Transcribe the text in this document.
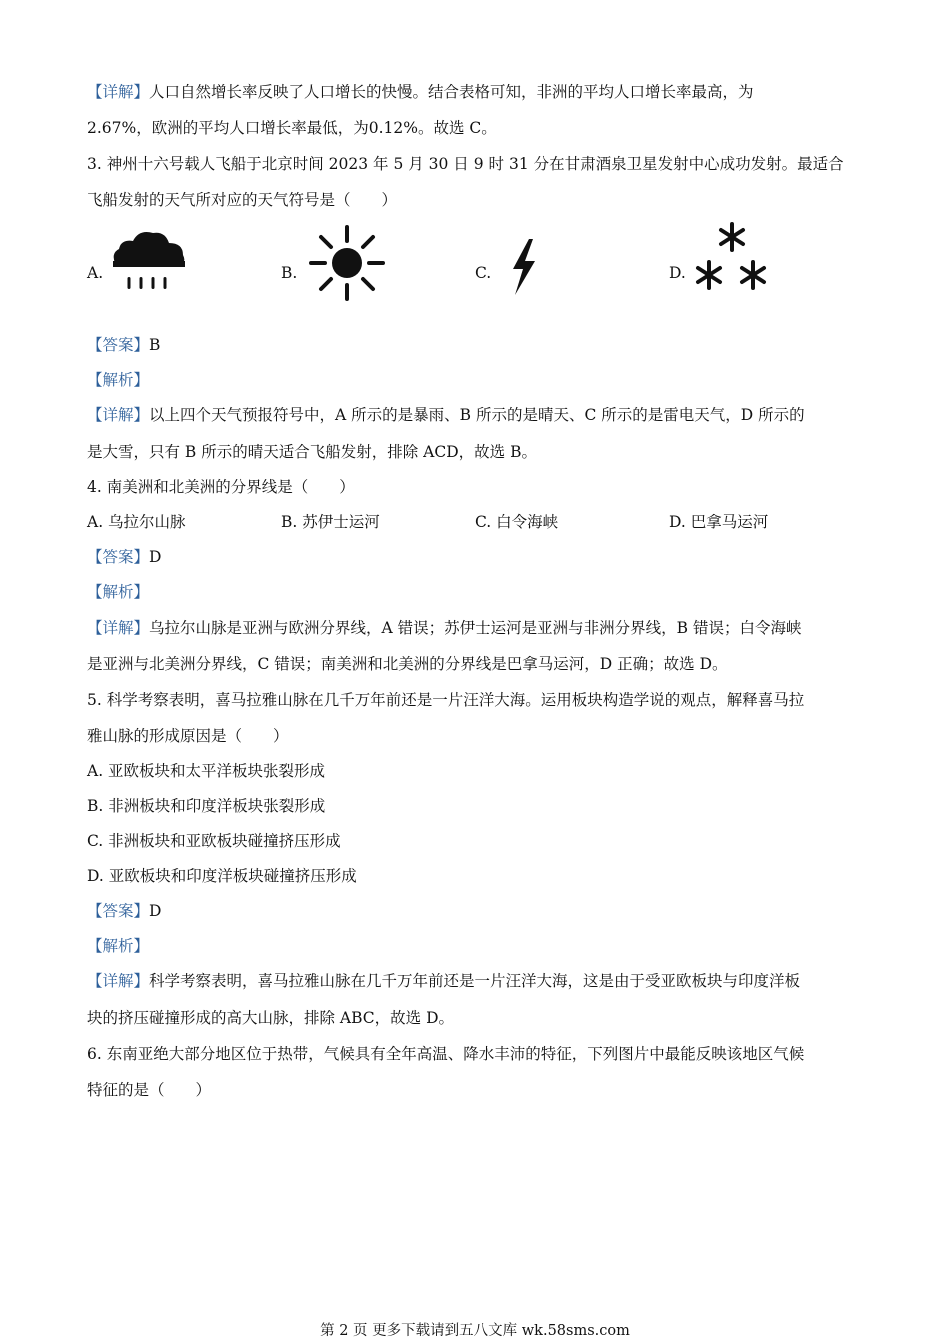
【详解】人口自然增长率反映了人口增长的快慢。结合表格可知，非洲的平均人口增长率最高，为
2.67%，欧洲的平均人口增长率最低，为0.12%。故选 C。
3. 神州十六号载人飞船于北京时间 2023 年 5 月 30 日 9 时 31 分在甘肃酒泉卫星发射中心成功发射。最适合
飞船发射的天气所对应的天气符号是（　　）
A.	B.	C.	D.
【答案】B
【解析】
【详解】以上四个天气预报符号中，A 所示的是暴雨、B 所示的是晴天、C 所示的是雷电天气，D 所示的
是大雪，只有 B 所示的晴天适合飞船发射，排除 ACD，故选 B。
4. 南美洲和北美洲的分界线是（　　）
A. 乌拉尔山脉	B. 苏伊士运河	C. 白令海峡	D. 巴拿马运河
【答案】D
【解析】
【详解】乌拉尔山脉是亚洲与欧洲分界线，A 错误；苏伊士运河是亚洲与非洲分界线，B 错误；白令海峡
是亚洲与北美洲分界线，C 错误；南美洲和北美洲的分界线是巴拿马运河，D 正确；故选 D。
5. 科学考察表明，喜马拉雅山脉在几千万年前还是一片汪洋大海。运用板块构造学说的观点，解释喜马拉
雅山脉的形成原因是（　　）
A. 亚欧板块和太平洋板块张裂形成
B. 非洲板块和印度洋板块张裂形成
C. 非洲板块和亚欧板块碰撞挤压形成
D. 亚欧板块和印度洋板块碰撞挤压形成
【答案】D
【解析】
【详解】科学考察表明，喜马拉雅山脉在几千万年前还是一片汪洋大海，这是由于受亚欧板块与印度洋板
块的挤压碰撞形成的高大山脉，排除 ABC，故选 D。
6. 东南亚绝大部分地区位于热带，气候具有全年高温、降水丰沛的特征，下列图片中最能反映该地区气候
特征的是（　　）
第 2 页 更多下载请到五八文库 wk.58sms.com
